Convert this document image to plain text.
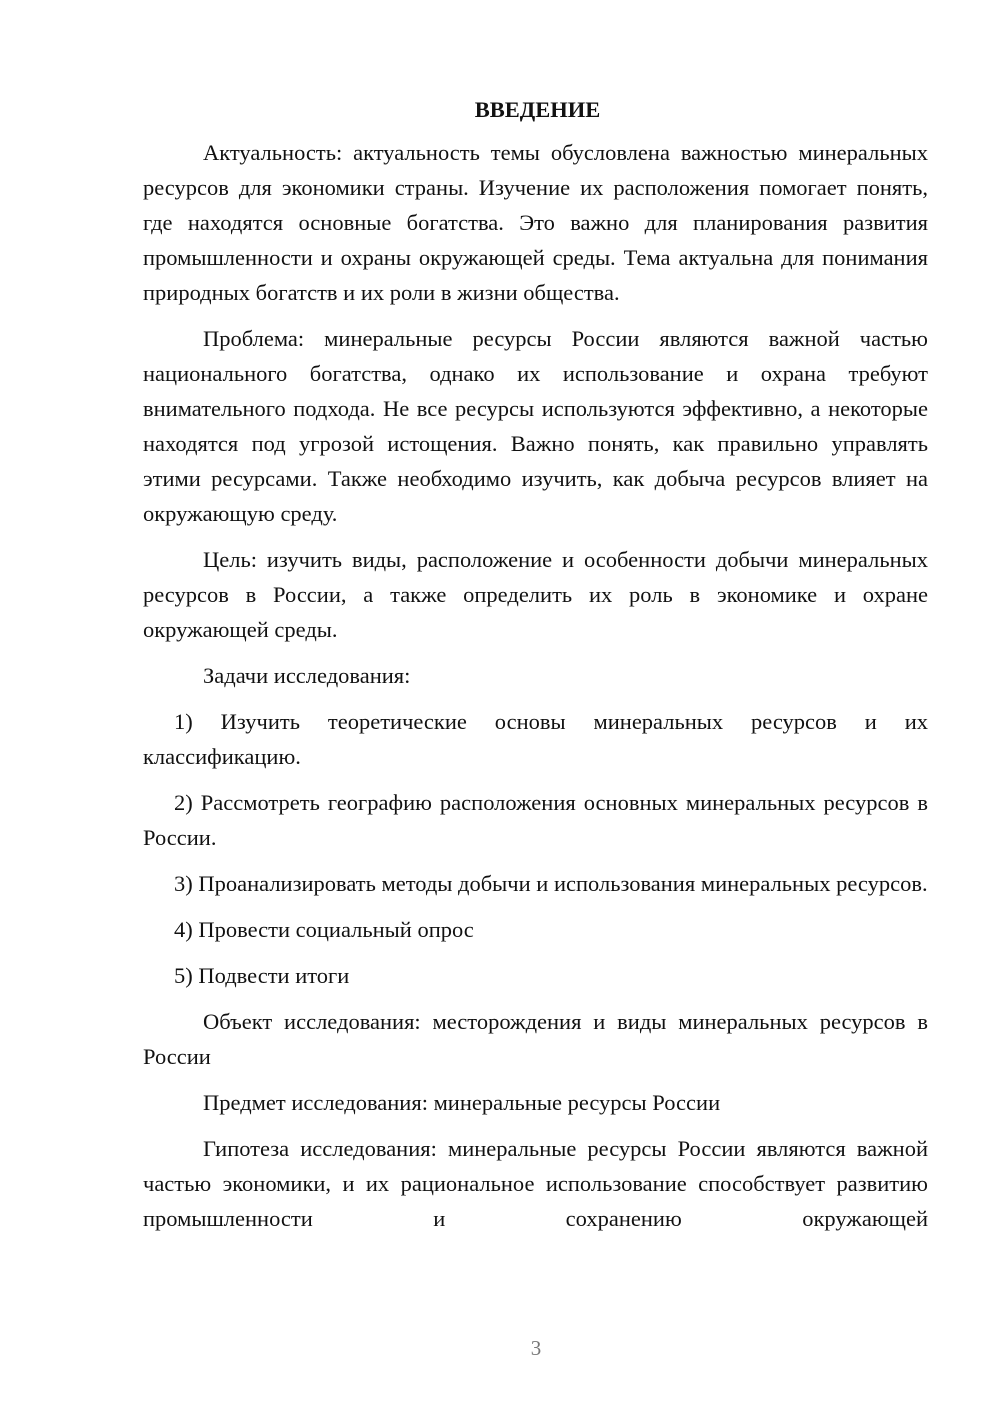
ВВЕДЕНИЕ

Актуальность: актуальность темы обусловлена важностью минеральных ресурсов для экономики страны. Изучение их расположения помогает понять, где находятся основные богатства. Это важно для планирования развития промышленности и охраны окружающей среды. Тема актуальна для понимания природных богатств и их роли в жизни общества.

Проблема: минеральные ресурсы России являются важной частью национального богатства, однако их использование и охрана требуют внимательного подхода. Не все ресурсы используются эффективно, а некоторые находятся под угрозой истощения. Важно понять, как правильно управлять этими ресурсами. Также необходимо изучить, как добыча ресурсов влияет на окружающую среду.

Цель: изучить виды, расположение и особенности добычи минеральных ресурсов в России, а также определить их роль в экономике и охране окружающей среды.

Задачи исследования:

1) Изучить теоретические основы минеральных ресурсов и их классификацию.

2) Рассмотреть географию расположения основных минеральных ресурсов в России.

3) Проанализировать методы добычи и использования минеральных ресурсов.

4) Провести социальный опрос

5) Подвести итоги

Объект исследования: месторождения и виды минеральных ресурсов в России

Предмет исследования: минеральные ресурсы России

Гипотеза исследования: минеральные ресурсы России являются важной частью экономики, и их рациональное использование способствует развитию промышленности и сохранению окружающей

3
